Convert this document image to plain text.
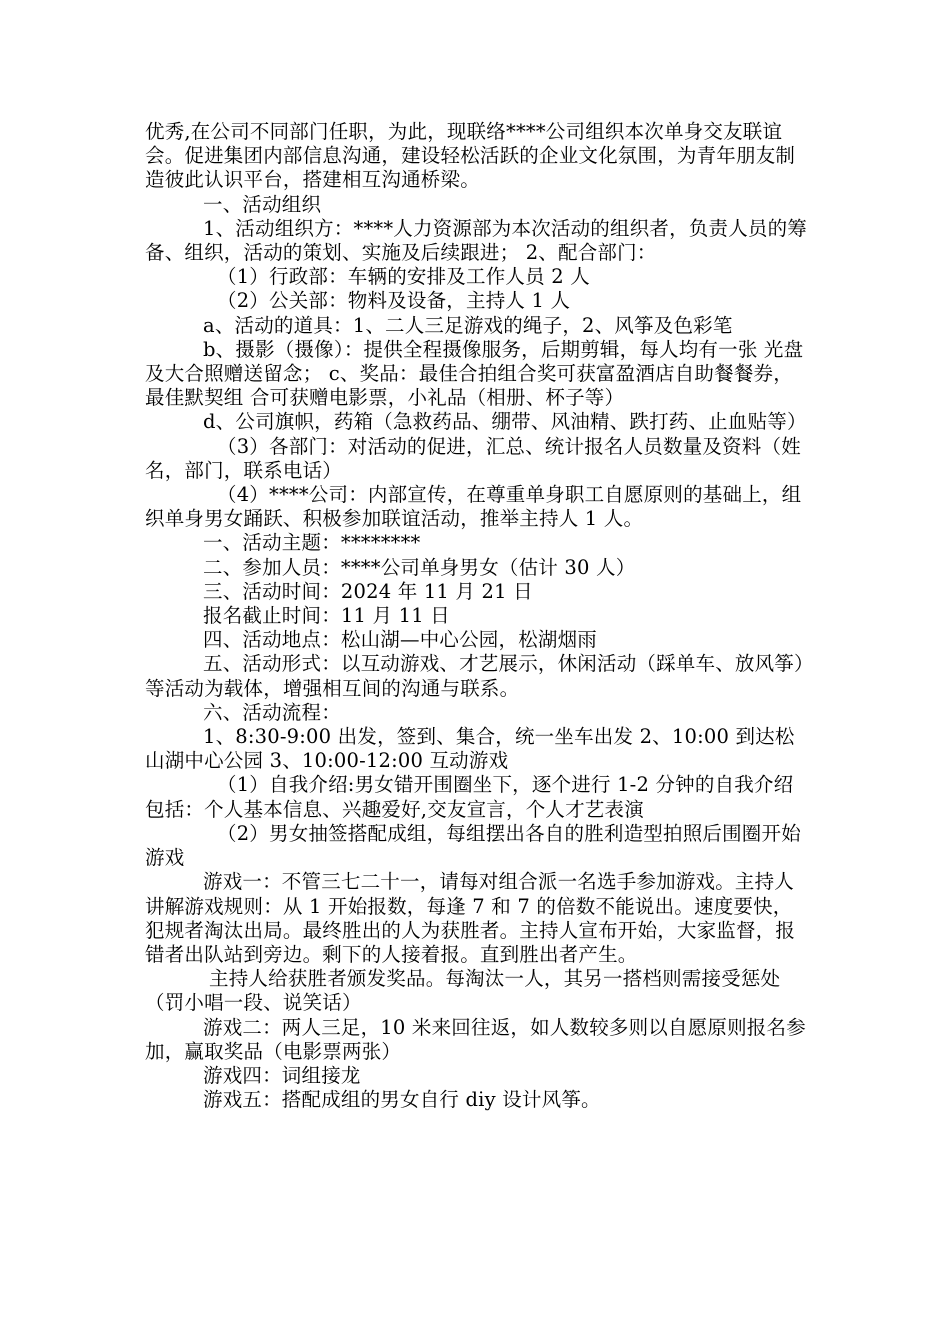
优秀,在公司不同部门任职，为此，现联络****公司组织本次单身交友联谊会。促进集团内部信息沟通，建设轻松活跃的企业文化氛围，为青年朋友制造彼此认识平台，搭建相互沟通桥梁。

一、活动组织

1、活动组织方：****人力资源部为本次活动的组织者，负责人员的筹备、组织，活动的策划、实施及后续跟进； 2、配合部门：

（1）行政部：车辆的安排及工作人员 2 人

（2）公关部：物料及设备，主持人 1 人

a、活动的道具：1、二人三足游戏的绳子，2、风筝及色彩笔

b、摄影（摄像）：提供全程摄像服务，后期剪辑，每人均有一张 光盘及大合照赠送留念； c、奖品：最佳合拍组合奖可获富盈酒店自助餐餐券，最佳默契组 合可获赠电影票，小礼品（相册、杯子等）

d、公司旗帜，药箱（急救药品、绷带、风油精、跌打药、止血贴等）

（3）各部门：对活动的促进，汇总、统计报名人员数量及资料（姓名，部门，联系电话）

（4）****公司：内部宣传，在尊重单身职工自愿原则的基础上，组织单身男女踊跃、积极参加联谊活动，推举主持人 1 人。

一、活动主题：********

二、参加人员：****公司单身男女（估计 30 人）

三、活动时间：2024 年 11 月 21 日

报名截止时间：11 月 11 日

四、活动地点：松山湖—中心公园，松湖烟雨

五、活动形式：以互动游戏、才艺展示，休闲活动（踩单车、放风筝）等活动为载体，增强相互间的沟通与联系。

六、活动流程：

1、8:30-9:00 出发，签到、集合，统一坐车出发 2、10:00 到达松山湖中心公园 3、10:00-12:00 互动游戏

（1）自我介绍:男女错开围圈坐下，逐个进行 1-2 分钟的自我介绍包括：个人基本信息、兴趣爱好,交友宣言，个人才艺表演

（2）男女抽签搭配成组，每组摆出各自的胜利造型拍照后围圈开始游戏

游戏一：不管三七二十一，请每对组合派一名选手参加游戏。主持人讲解游戏规则：从 1 开始报数，每逢 7 和 7 的倍数不能说出。速度要快，犯规者淘汰出局。最终胜出的人为获胜者。主持人宣布开始，大家监督，报错者出队站到旁边。剩下的人接着报。直到胜出者产生。

主持人给获胜者颁发奖品。每淘汰一人，其另一搭档则需接受惩处（罚小唱一段、说笑话）

游戏二：两人三足，10 米来回往返，如人数较多则以自愿原则报名参加，赢取奖品（电影票两张）

游戏四：词组接龙

游戏五：搭配成组的男女自行 diy 设计风筝。
